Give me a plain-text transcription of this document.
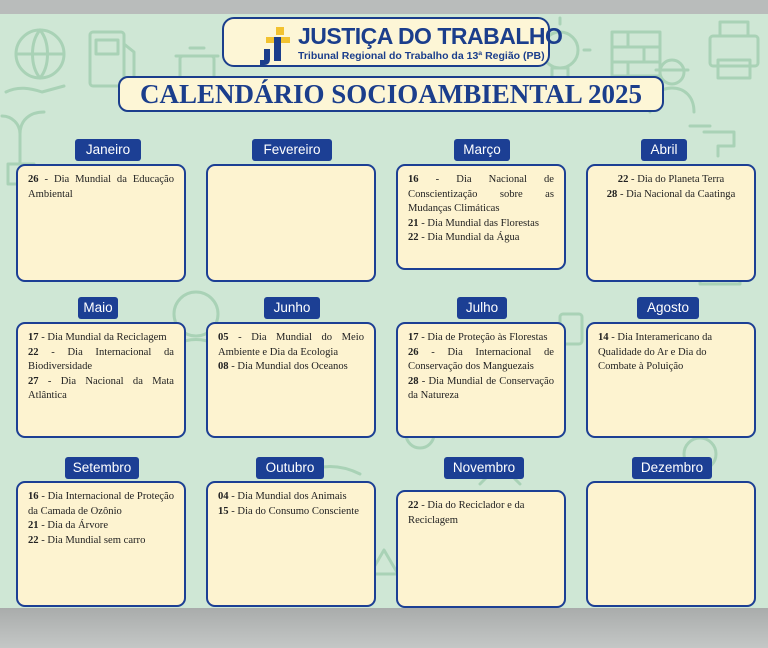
JUSTIÇA DO TRABALHO
Tribunal Regional do Trabalho da 13ª Região (PB)
CALENDÁRIO SOCIOAMBIENTAL 2025
Janeiro

26 - Dia Mundial da Educação Ambiental

Fevereiro	Março

16 - Dia Nacional de Conscientização sobre as Mudanças Climáticas

21 - Dia Mundial das Florestas

22 - Dia Mundial da Água

Abril

22 - Dia do Planeta Terra

28 - Dia Nacional da Caatinga

Maio

17 - Dia Mundial da Reciclagem

22 - Dia Internacional da Biodiversidade

27 - Dia Nacional da Mata Atlântica

Junho

05 - Dia Mundial do Meio Ambiente e Dia da Ecologia

08 - Dia Mundial dos Oceanos

Julho

17 - Dia de Proteção às Florestas

26 - Dia Internacional de Conservação dos Manguezais

28 - Dia Mundial de Conservação da Natureza

Agosto

14 - Dia Interamericano da Qualidade do Ar e Dia do Combate à Poluição

Setembro

16 - Dia Internacional de Proteção da Camada de Ozônio

21 - Dia da Árvore

22 - Dia Mundial sem carro

Outubro

04 - Dia Mundial dos Animais

15 - Dia do Consumo Consciente

Novembro

22 - Dia do Reciclador e da Reciclagem

Dezembro
